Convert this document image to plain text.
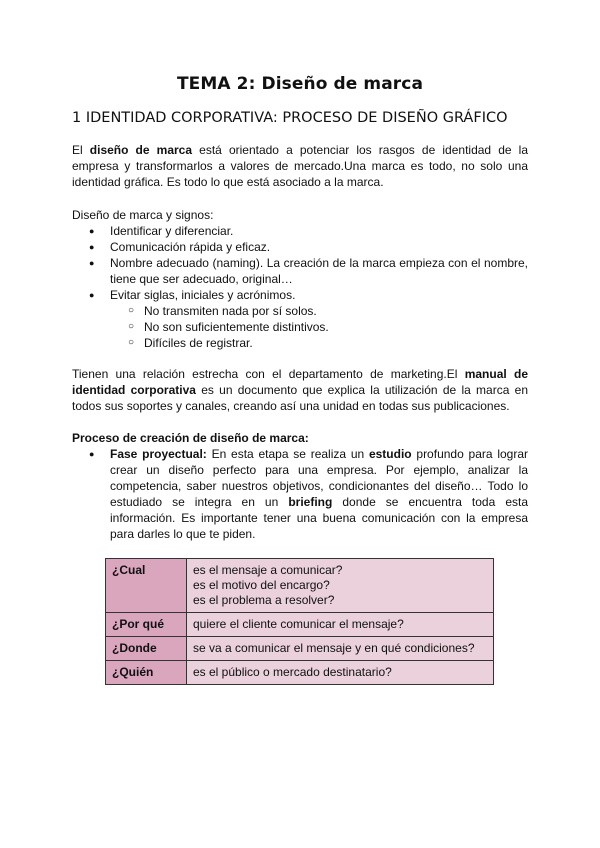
TEMA 2: Diseño de marca
1 IDENTIDAD CORPORATIVA: PROCESO DE DISEÑO GRÁFICO
El diseño de marca está orientado a potenciar los rasgos de identidad de la empresa y transformarlos a valores de mercado.Una marca es todo, no solo una identidad gráfica. Es todo lo que está asociado a la marca.
Diseño de marca y signos:
● Identificar y diferenciar.
● Comunicación rápida y eficaz.
● Nombre adecuado (naming). La creación de la marca empieza con el nombre, tiene que ser adecuado, original…
● Evitar siglas, iniciales y acrónimos.
○ No transmiten nada por sí solos.
○ No son suficientemente distintivos.
○ Difíciles de registrar.
Tienen una relación estrecha con el departamento de marketing.El manual de identidad corporativa es un documento que explica la utilización de la marca en todos sus soportes y canales, creando así una unidad en todas sus publicaciones.
Proceso de creación de diseño de marca:
● Fase proyectual: En esta etapa se realiza un estudio profundo para lograr crear un diseño perfecto para una empresa. Por ejemplo, analizar la competencia, saber nuestros objetivos, condicionantes del diseño… Todo lo estudiado se integra en un briefing donde se encuentra toda esta información. Es importante tener una buena comunicación con la empresa para darles lo que te piden.
¿Cual	es el mensaje a comunicar?
es el motivo del encargo?
es el problema a resolver?

¿Por qué	quiere el cliente comunicar el mensaje?

¿Donde	se va a comunicar el mensaje y en qué condiciones?

¿Quién	es el público o mercado destinatario?
